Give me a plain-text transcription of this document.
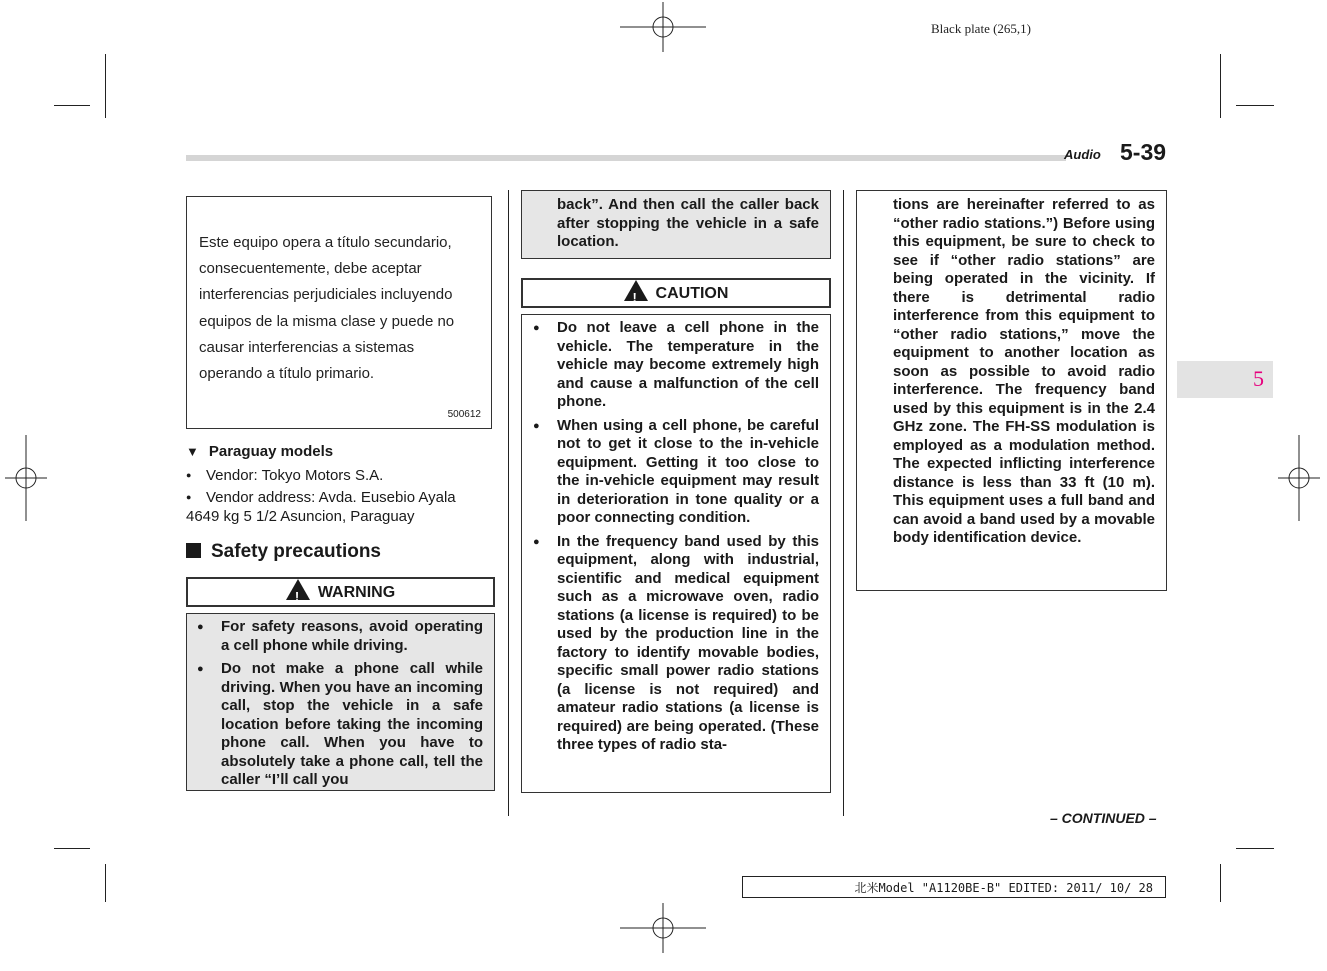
Black plate (265,1)
Audio 5-39
5
Este equipo opera a título secundario,
consecuentemente, debe aceptar
interferencias perjudiciales incluyendo
equipos de la misma clase y puede no
causar interferencias a sistemas
operando a título primario.
500612
▼ Paraguay models
● Vendor: Tokyo Motors S.A.
● Vendor address: Avda. Eusebio Ayala
4649 kg 5 1/2 Asuncion, Paraguay
Safety precautions
!WARNING
● For safety reasons, avoid operating a cell phone while driving.
● Do not make a phone call while driving. When you have an incoming call, stop the vehicle in a safe location before taking the incoming phone call. When you have to absolutely take a phone call, tell the caller “I’ll call you
back”. And then call the caller back after stopping the vehicle in a safe location.
!CAUTION
● Do not leave a cell phone in the vehicle. The temperature in the vehicle may become extremely high and cause a malfunction of the cell phone.
● When using a cell phone, be careful not to get it close to the in-vehicle equipment. Getting it too close to the in-vehicle equipment may result in deterioration in tone quality or a poor connecting condition.
● In the frequency band used by this equipment, along with industrial, scientific and medical equipment such as a microwave oven, radio stations (a license is required) to be used by the production line in the factory to identify movable bodies, specific small power radio stations (a license is not required) and amateur radio stations (a license is required) are being operated. (These three types of radio sta-
tions are hereinafter referred to as “other radio stations.”) Before using this equipment, be sure to check to see if “other radio stations” are being operated in the vicinity. If there is detrimental radio interference from this equipment to “other radio stations,” move the equipment to another location as soon as possible to avoid radio interference. The frequency band used by this equipment is in the 2.4 GHz zone. The FH-SS modulation is employed as a modulation method. The expected inflicting interference distance is less than 33 ft (10 m). This equipment uses a full band and can avoid a band used by a movable body identification device.
– CONTINUED –
北米Model "A1120BE-B" EDITED: 2011/ 10/ 28
